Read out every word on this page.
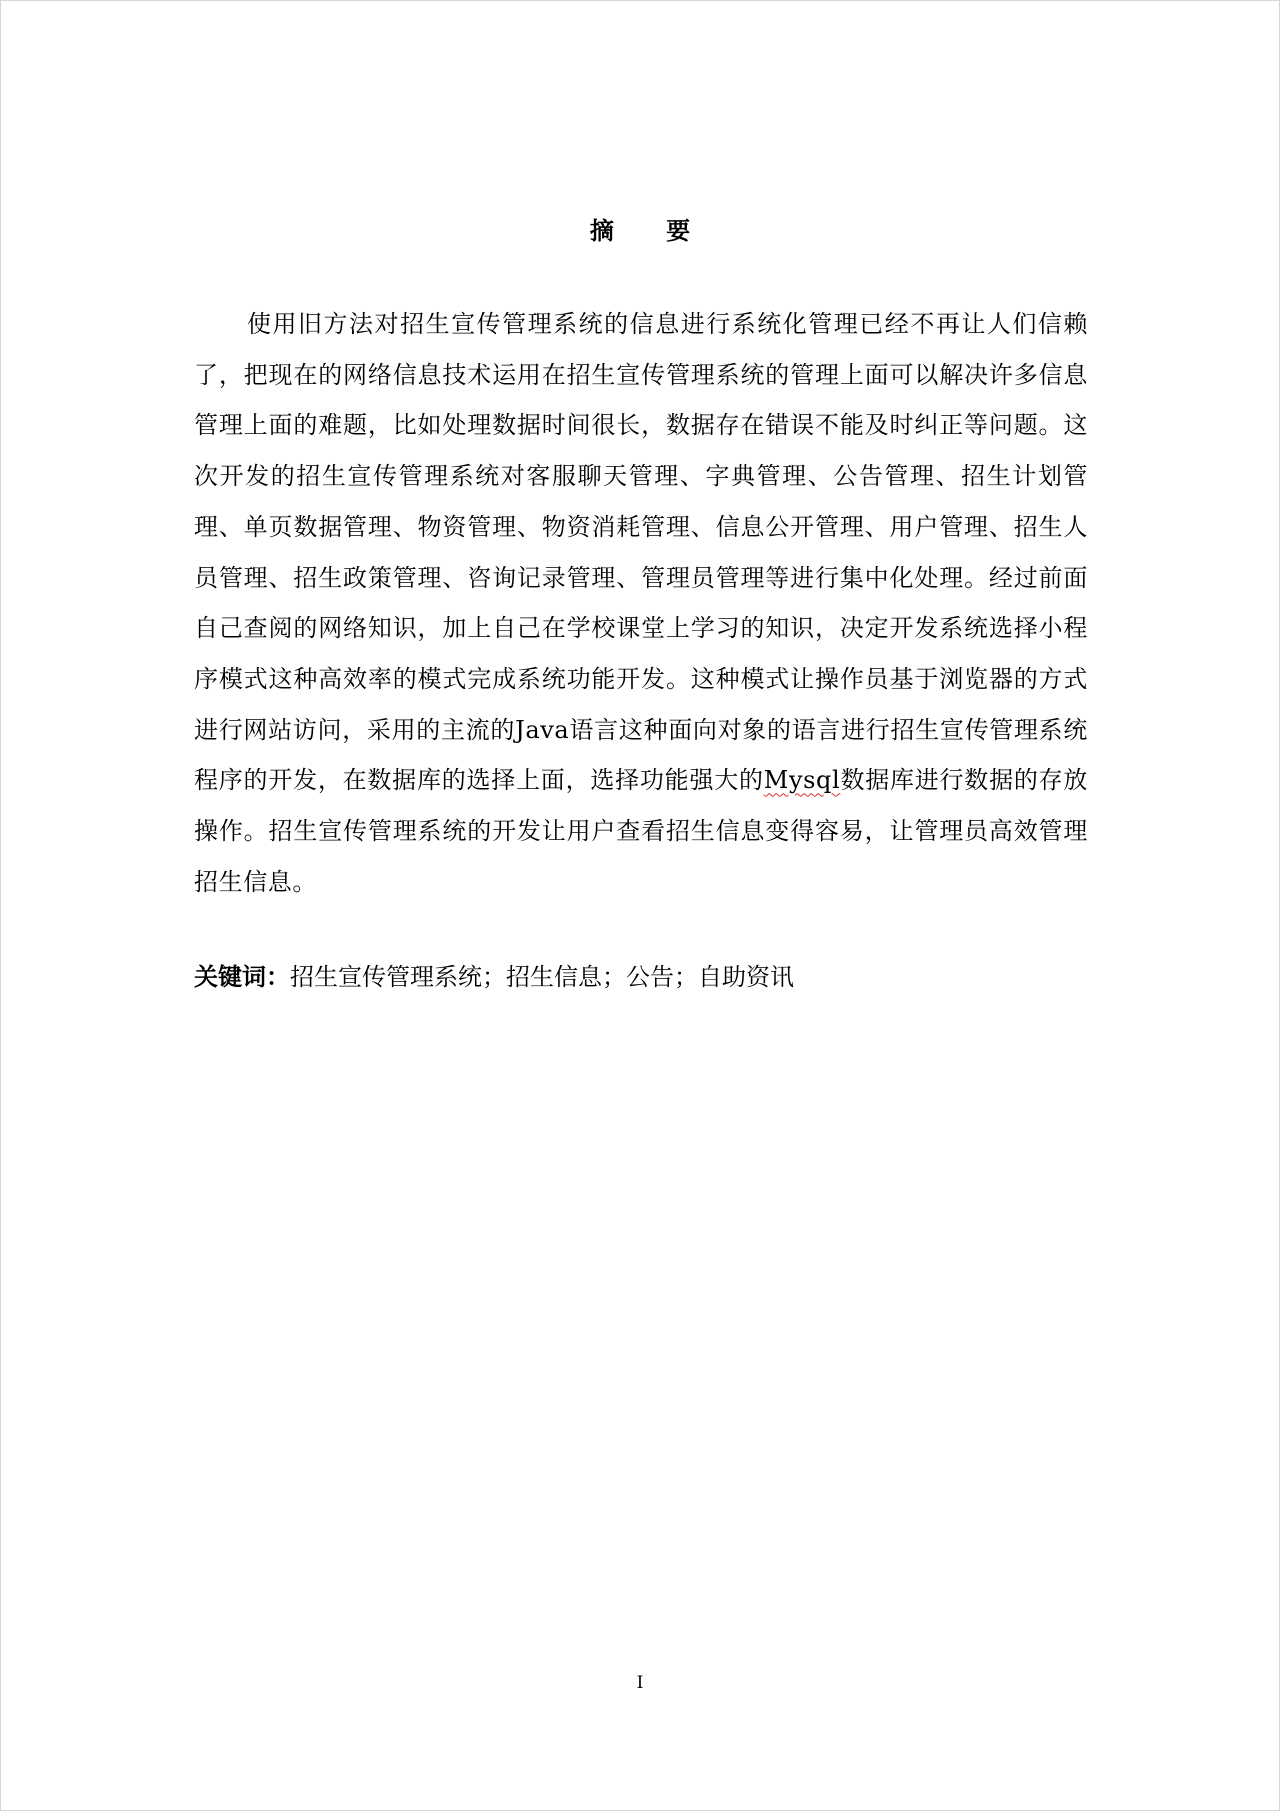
摘 要

使用旧方法对招生宣传管理系统的信息进行系统化管理已经不再让人们信赖了，把现在的网络信息技术运用在招生宣传管理系统的管理上面可以解决许多信息管理上面的难题，比如处理数据时间很长，数据存在错误不能及时纠正等问题。这次开发的招生宣传管理系统对客服聊天管理、字典管理、公告管理、招生计划管理、单页数据管理、物资管理、物资消耗管理、信息公开管理、用户管理、招生人员管理、招生政策管理、咨询记录管理、管理员管理等进行集中化处理。经过前面自己查阅的网络知识，加上自己在学校课堂上学习的知识，决定开发系统选择小程序模式这种高效率的模式完成系统功能开发。这种模式让操作员基于浏览器的方式进行网站访问，采用的主流的Java语言这种面向对象的语言进行招生宣传管理系统程序的开发，在数据库的选择上面，选择功能强大的Mysql数据库进行数据的存放操作。招生宣传管理系统的开发让用户查看招生信息变得容易，让管理员高效管理招生信息。

关键词：招生宣传管理系统；招生信息；公告；自助资讯

I
